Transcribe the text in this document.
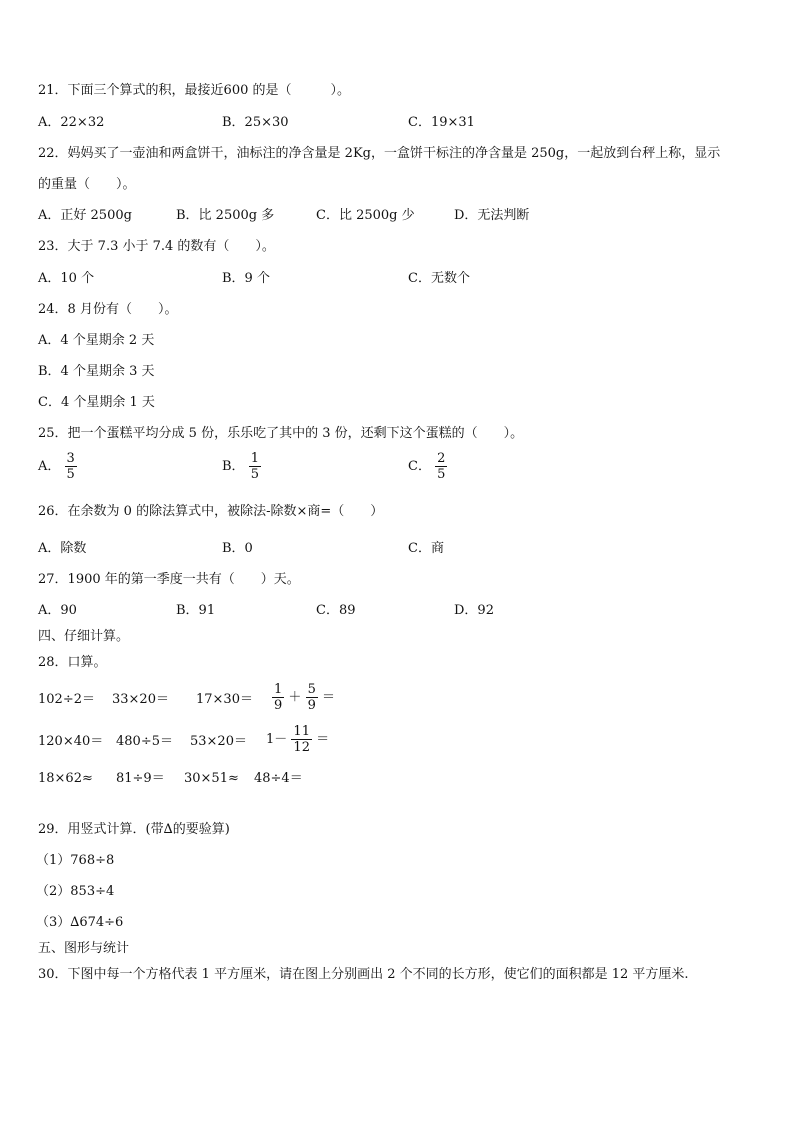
21．下面三个算式的积，最接近600 的是（　　　）。
A．22×32	B．25×30	C．19×31
22．妈妈买了一壶油和两盒饼干，油标注的净含量是 2Kg，一盒饼干标注的净含量是 250g，一起放到台秤上称，显示
的重量（　　）。
A．正好 2500g	B．比 2500g 多	C．比 2500g 少	D．无法判断
23．大于 7.3 小于 7.4 的数有（　　）。
A．10 个	B．9 个	C．无数个
24．8 月份有（　　）。
A．4 个星期余 2 天
B．4 个星期余 3 天
C．4 个星期余 1 天
25．把一个蛋糕平均分成 5 份，乐乐吃了其中的 3 份，还剩下这个蛋糕的（　　）。
A． $\frac{3}{5}$	B． $\frac{1}{5}$	C． $\frac{2}{5}$
26．在余数为 0 的除法算式中，被除法-除数×商=（　　）
A．除数	B．0	C．商
27．1900 年的第一季度一共有（　　）天。
A．90	B．91	C．89	D．92
四、仔细计算。
28．口算。
$102\div 2= 33\times 20= 17\times 30= \frac{1}{9} + \frac{5}{9}$ ＝
$120\times 40= 480\div 5= 53\times 20= 1- \frac{11}{12}$ ＝
18×62≈ 81÷9＝ 30×51≈ 48÷4＝
29．用竖式计算．(带∆的要验算)
（1）768÷8
（2）853÷4
（3）∆674÷6
五、图形与统计
30．下图中每一个方格代表 1 平方厘米，请在图上分别画出 2 个不同的长方形，使它们的面积都是 12 平方厘米.
